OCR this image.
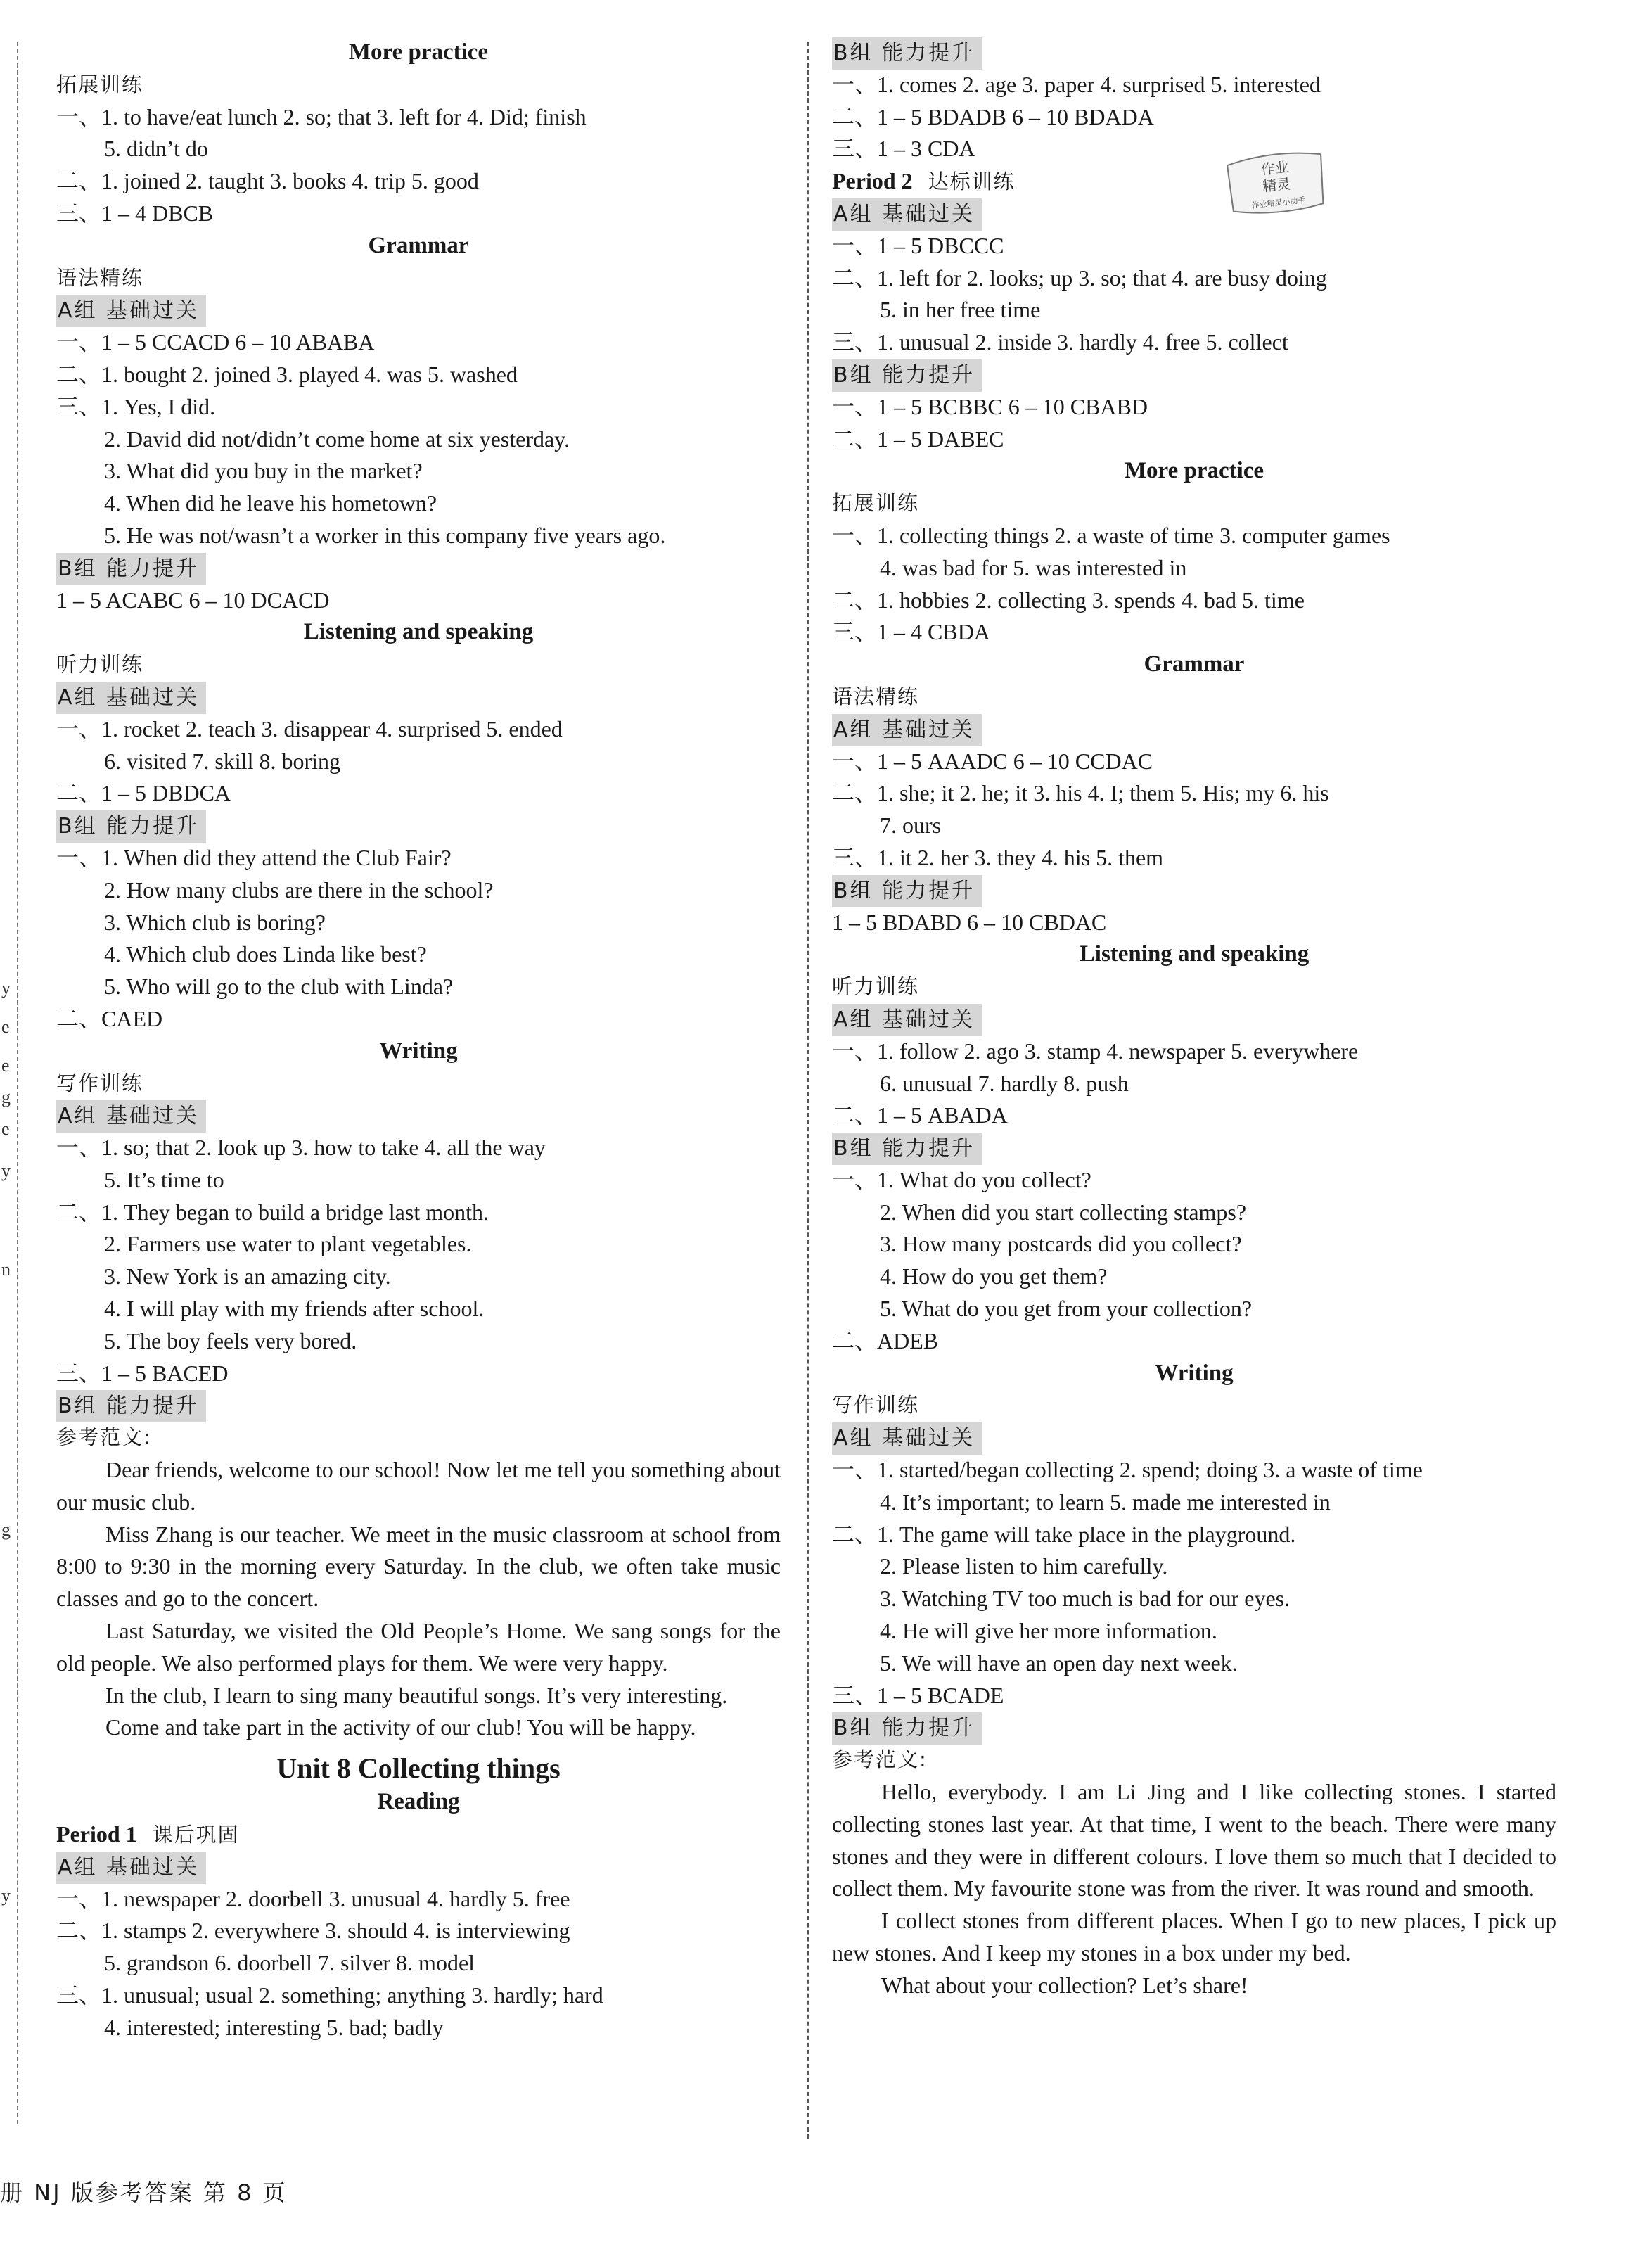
y
e
e
g
e
y
n
g
y
More practice
拓展训练
一、1. to have/eat lunch 2. so; that 3. left for 4. Did; finish
5. didn’t do
二、1. joined 2. taught 3. books 4. trip 5. good
三、1 – 4 DBCB
Grammar
语法精练
A组 基础过关
一、1 – 5 CCACD 6 – 10 ABABA
二、1. bought 2. joined 3. played 4. was 5. washed
三、1. Yes, I did.
2. David did not/didn’t come home at six yesterday.
3. What did you buy in the market?
4. When did he leave his hometown?
5. He was not/wasn’t a worker in this company five years ago.
B组 能力提升
1 – 5 ACABC 6 – 10 DCACD
Listening and speaking
听力训练
A组 基础过关
一、1. rocket 2. teach 3. disappear 4. surprised 5. ended
6. visited 7. skill 8. boring
二、1 – 5 DBDCA
B组 能力提升
一、1. When did they attend the Club Fair?
2. How many clubs are there in the school?
3. Which club is boring?
4. Which club does Linda like best?
5. Who will go to the club with Linda?
二、CAED
Writing
写作训练
A组 基础过关
一、1. so; that 2. look up 3. how to take 4. all the way
5. It’s time to
二、1. They began to build a bridge last month.
2. Farmers use water to plant vegetables.
3. New York is an amazing city.
4. I will play with my friends after school.
5. The boy feels very bored.
三、1 – 5 BACED
B组 能力提升
参考范文:

Dear friends, welcome to our school! Now let me tell you something about our music club.

Miss Zhang is our teacher. We meet in the music classroom at school from 8:00 to 9:30 in the morning every Saturday. In the club, we often take music classes and go to the concert.

Last Saturday, we visited the Old People’s Home. We sang songs for the old people. We also performed plays for them. We were very happy.

In the club, I learn to sing many beautiful songs. It’s very interesting.

Come and take part in the activity of our club! You will be happy.

Unit 8 Collecting things
Reading
Period 1 课后巩固
A组 基础过关
一、1. newspaper 2. doorbell 3. unusual 4. hardly 5. free
二、1. stamps 2. everywhere 3. should 4. is interviewing
5. grandson 6. doorbell 7. silver 8. model
三、1. unusual; usual 2. something; anything 3. hardly; hard
4. interested; interesting 5. bad; badly
B组 能力提升
一、1. comes 2. age 3. paper 4. surprised 5. interested
二、1 – 5 BDADB 6 – 10 BDADA
三、1 – 3 CDA
Period 2 达标训练
A组 基础过关
一、1 – 5 DBCCC
二、1. left for 2. looks; up 3. so; that 4. are busy doing
5. in her free time
三、1. unusual 2. inside 3. hardly 4. free 5. collect
B组 能力提升
一、1 – 5 BCBBC 6 – 10 CBABD
二、1 – 5 DABEC
More practice
拓展训练
一、1. collecting things 2. a waste of time 3. computer games
4. was bad for 5. was interested in
二、1. hobbies 2. collecting 3. spends 4. bad 5. time
三、1 – 4 CBDA
Grammar
语法精练
A组 基础过关
一、1 – 5 AAADC 6 – 10 CCDAC
二、1. she; it 2. he; it 3. his 4. I; them 5. His; my 6. his
7. ours
三、1. it 2. her 3. they 4. his 5. them
B组 能力提升
1 – 5 BDABD 6 – 10 CBDAC
Listening and speaking
听力训练
A组 基础过关
一、1. follow 2. ago 3. stamp 4. newspaper 5. everywhere
6. unusual 7. hardly 8. push
二、1 – 5 ABADA
B组 能力提升
一、1. What do you collect?
2. When did you start collecting stamps?
3. How many postcards did you collect?
4. How do you get them?
5. What do you get from your collection?
二、ADEB
Writing
写作训练
A组 基础过关
一、1. started/began collecting 2. spend; doing 3. a waste of time
4. It’s important; to learn 5. made me interested in
二、1. The game will take place in the playground.
2. Please listen to him carefully.
3. Watching TV too much is bad for our eyes.
4. He will give her more information.
5. We will have an open day next week.
三、1 – 5 BCADE
B组 能力提升
参考范文:

Hello, everybody. I am Li Jing and I like collecting stones. I started collecting stones last year. At that time, I went to the beach. There were many stones and they were in different colours. I love them so much that I decided to collect them. My favourite stone was from the river. It was round and smooth.

I collect stones from different places. When I go to new places, I pick up new stones. And I keep my stones in a box under my bed.

What about your collection? Let’s share!

作业
精灵
作业精灵小助手
册 NJ 版参考答案 第 8 页
